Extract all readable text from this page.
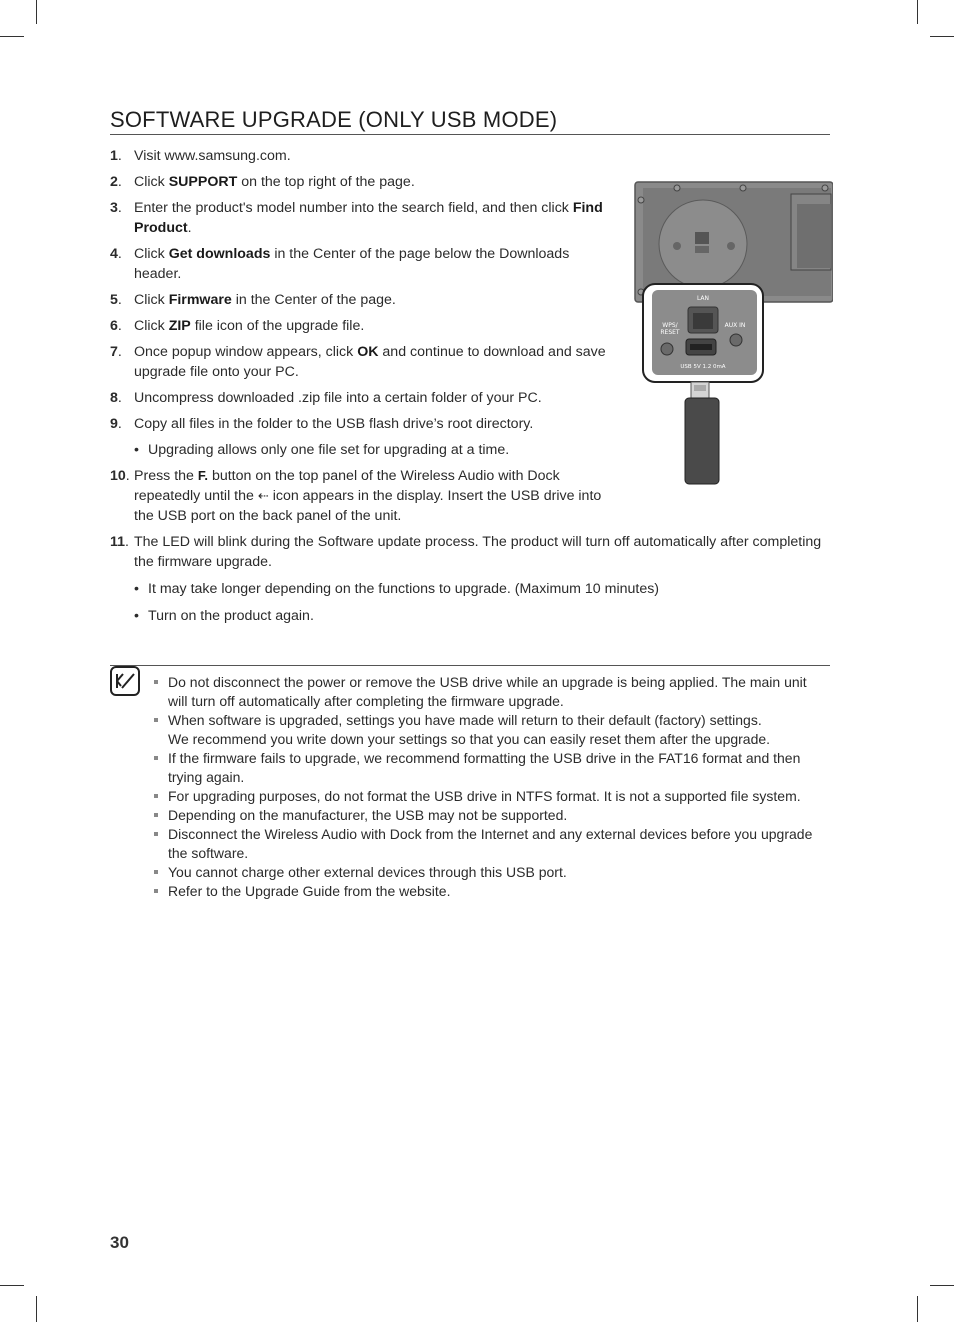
SOFTWARE UPGRADE (ONLY USB MODE)
1. Visit www.samsung.com.
2. Click SUPPORT on the top right of the page.
3. Enter the product's model number into the search field, and then click Find Product.
4. Click Get downloads in the Center of the page below the Downloads header.
5. Click Firmware in the Center of the page.
6. Click ZIP file icon of the upgrade file.
7. Once popup window appears, click OK and continue to download and save upgrade file onto your PC.
8. Uncompress downloaded .zip file into a certain folder of your PC.
9. Copy all files in the folder to the USB flash drive’s root directory.
• Upgrading allows only one file set for upgrading at a time.
10. Press the F. button on the top panel of the Wireless Audio with Dock repeatedly until the ⇠ icon appears in the display. Insert the USB drive into the USB port on the back panel of the unit.
11. The LED will blink during the Software update process. The product will turn off automatically after completing the firmware upgrade.
• It may take longer depending on the functions to upgrade. (Maximum 10 minutes)
• Turn on the product again.
LAN
WPS/
RESET
AUX IN
USB 5V 1.2 0mA
Do not disconnect the power or remove the USB drive while an upgrade is being applied. The main unit will turn off automatically after completing the firmware upgrade.
When software is upgraded, settings you have made will return to their default (factory) settings.
We recommend you write down your settings so that you can easily reset them after the upgrade.
If the firmware fails to upgrade, we recommend formatting the USB drive in the FAT16 format and then trying again.
For upgrading purposes, do not format the USB drive in NTFS format. It is not a supported file system.
Depending on the manufacturer, the USB may not be supported.
Disconnect the Wireless Audio with Dock from the Internet and any external devices before you upgrade the software.
You cannot charge other external devices through this USB port.
Refer to the Upgrade Guide from the website.
30
